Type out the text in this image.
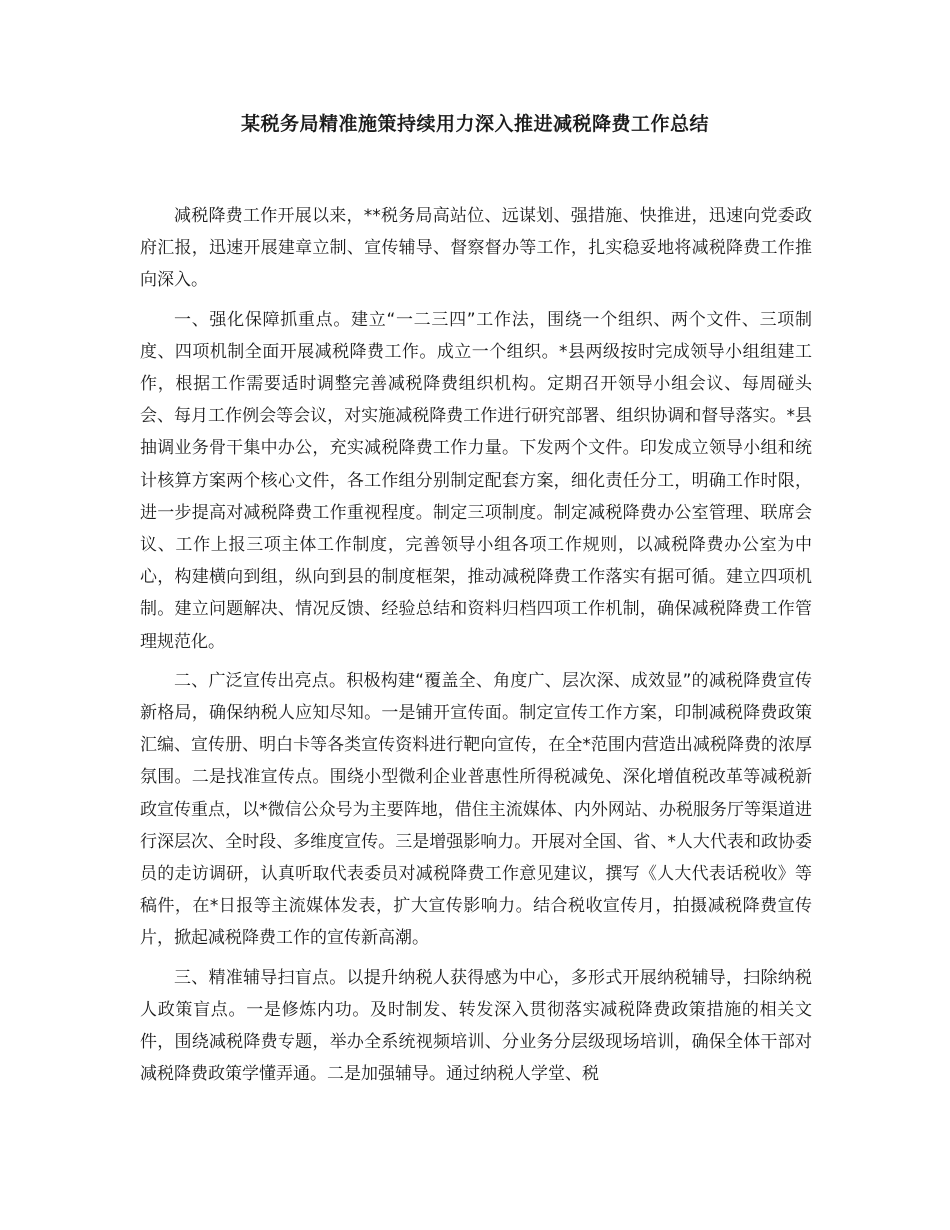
某税务局精准施策持续用力深入推进减税降费工作总结

减税降费工作开展以来，**税务局高站位、远谋划、强措施、快推进，迅速向党委政府汇报，迅速开展建章立制、宣传辅导、督察督办等工作，扎实稳妥地将减税降费工作推向深入。

一、强化保障抓重点。建立“一二三四”工作法，围绕一个组织、两个文件、三项制度、四项机制全面开展减税降费工作。成立一个组织。*县两级按时完成领导小组组建工作，根据工作需要适时调整完善减税降费组织机构。定期召开领导小组会议、每周碰头会、每月工作例会等会议，对实施减税降费工作进行研究部署、组织协调和督导落实。*县抽调业务骨干集中办公，充实减税降费工作力量。下发两个文件。印发成立领导小组和统计核算方案两个核心文件，各工作组分别制定配套方案，细化责任分工，明确工作时限，进一步提高对减税降费工作重视程度。制定三项制度。制定减税降费办公室管理、联席会议、工作上报三项主体工作制度，完善领导小组各项工作规则，以减税降费办公室为中心，构建横向到组，纵向到县的制度框架，推动减税降费工作落实有据可循。建立四项机制。建立问题解决、情况反馈、经验总结和资料归档四项工作机制，确保减税降费工作管理规范化。

二、广泛宣传出亮点。积极构建“覆盖全、角度广、层次深、成效显”的减税降费宣传新格局，确保纳税人应知尽知。一是铺开宣传面。制定宣传工作方案，印制减税降费政策汇编、宣传册、明白卡等各类宣传资料进行靶向宣传，在全*范围内营造出减税降费的浓厚氛围。二是找准宣传点。围绕小型微利企业普惠性所得税减免、深化增值税改革等减税新政宣传重点，以*微信公众号为主要阵地，借住主流媒体、内外网站、办税服务厅等渠道进行深层次、全时段、多维度宣传。三是增强影响力。开展对全国、省、*人大代表和政协委员的走访调研，认真听取代表委员对减税降费工作意见建议，撰写《人大代表话税收》等稿件，在*日报等主流媒体发表，扩大宣传影响力。结合税收宣传月，拍摄减税降费宣传片，掀起减税降费工作的宣传新高潮。

三、精准辅导扫盲点。以提升纳税人获得感为中心，多形式开展纳税辅导，扫除纳税人政策盲点。一是修炼内功。及时制发、转发深入贯彻落实减税降费政策措施的相关文件，围绕减税降费专题，举办全系统视频培训、分业务分层级现场培训，确保全体干部对减税降费政策学懂弄通。二是加强辅导。通过纳税人学堂、税
